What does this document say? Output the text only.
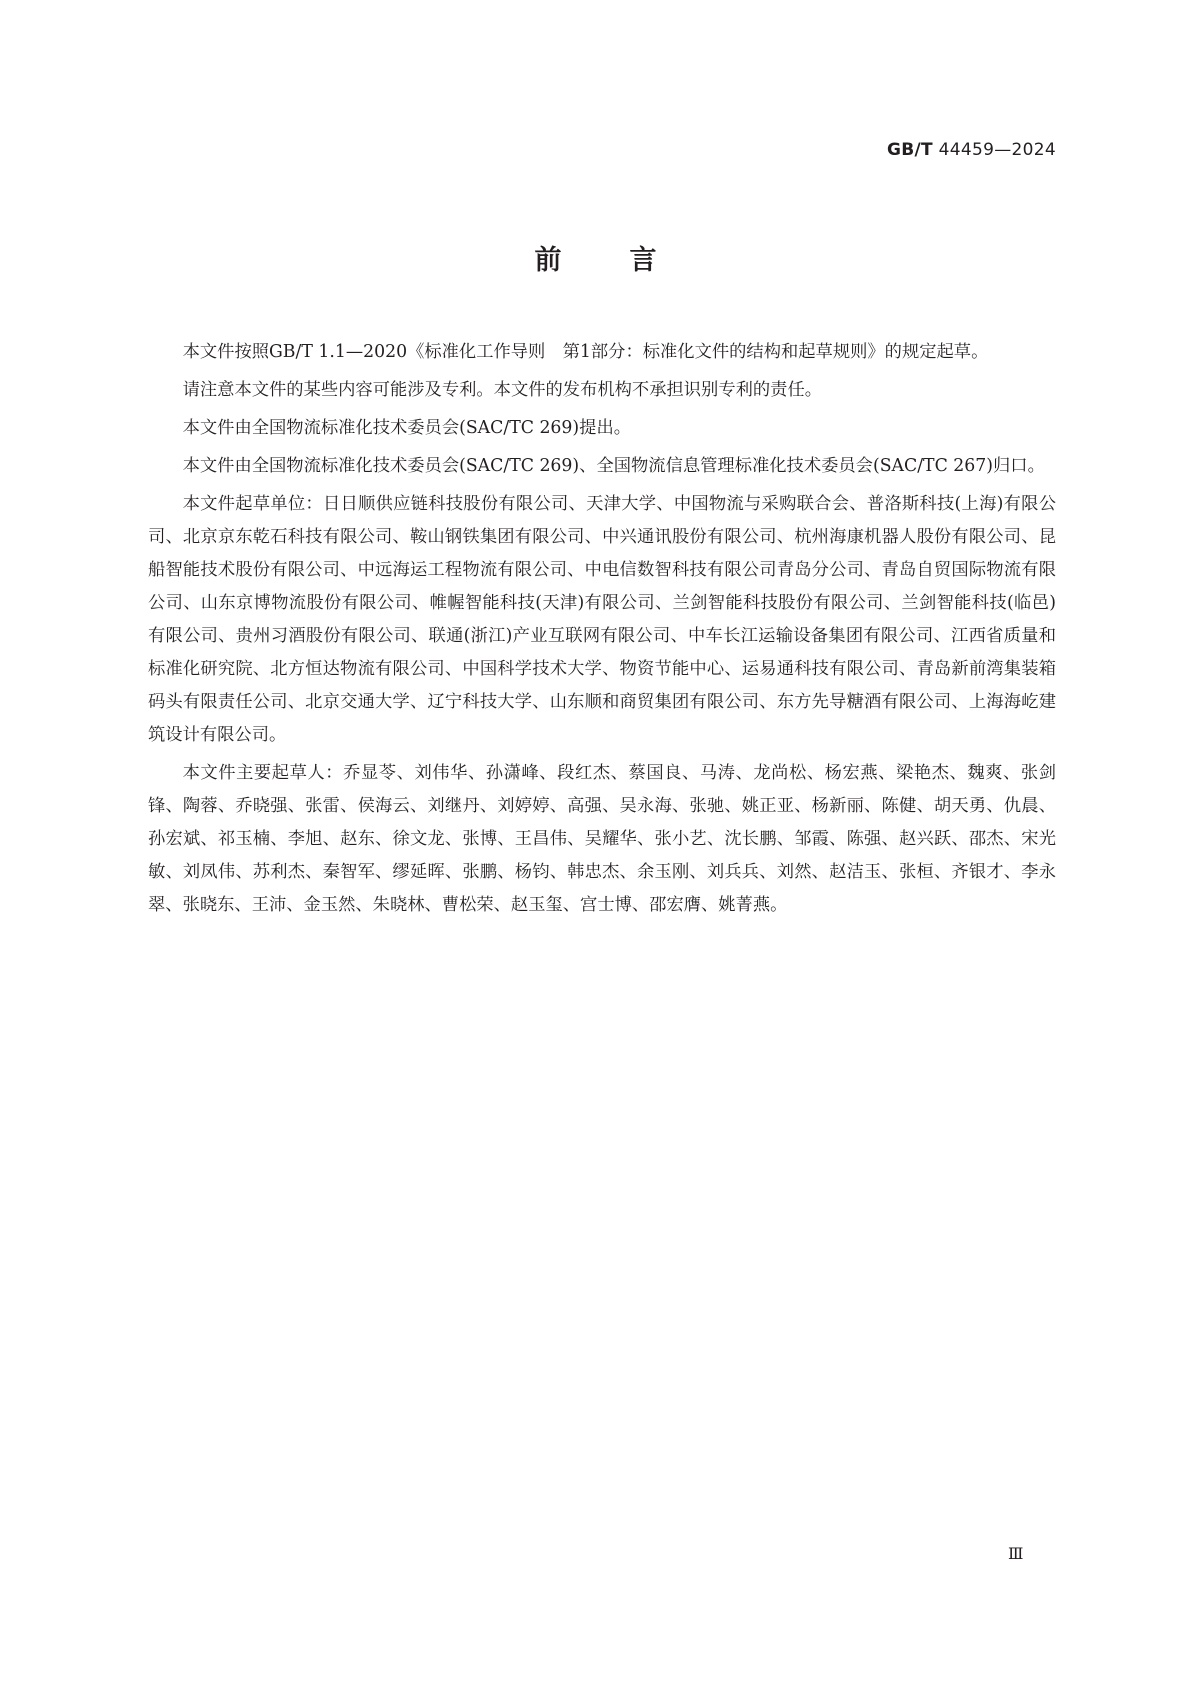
GB/T 44459—2024
前言

本文件按照GB/T 1.1—2020《标准化工作导则　第1部分：标准化文件的结构和起草规则》的规定起草。

请注意本文件的某些内容可能涉及专利。本文件的发布机构不承担识别专利的责任。

本文件由全国物流标准化技术委员会(SAC/TC 269)提出。

本文件由全国物流标准化技术委员会(SAC/TC 269)、全国物流信息管理标准化技术委员会(SAC/TC 267)归口。

本文件起草单位：日日顺供应链科技股份有限公司、天津大学、中国物流与采购联合会、普洛斯科技(上海)有限公司、北京京东乾石科技有限公司、鞍山钢铁集团有限公司、中兴通讯股份有限公司、杭州海康机器人股份有限公司、昆船智能技术股份有限公司、中远海运工程物流有限公司、中电信数智科技有限公司青岛分公司、青岛自贸国际物流有限公司、山东京博物流股份有限公司、帷幄智能科技(天津)有限公司、兰剑智能科技股份有限公司、兰剑智能科技(临邑)有限公司、贵州习酒股份有限公司、联通(浙江)产业互联网有限公司、中车长江运输设备集团有限公司、江西省质量和标准化研究院、北方恒达物流有限公司、中国科学技术大学、物资节能中心、运易通科技有限公司、青岛新前湾集装箱码头有限责任公司、北京交通大学、辽宁科技大学、山东顺和商贸集团有限公司、东方先导糖酒有限公司、上海海屹建筑设计有限公司。

本文件主要起草人：乔显苓、刘伟华、孙潇峰、段红杰、蔡国良、马涛、龙尚松、杨宏燕、梁艳杰、魏爽、张剑锋、陶蓉、乔晓强、张雷、侯海云、刘继丹、刘婷婷、高强、吴永海、张驰、姚正亚、杨新丽、陈健、胡天勇、仇晨、孙宏斌、祁玉楠、李旭、赵东、徐文龙、张博、王昌伟、吴耀华、张小艺、沈长鹏、邹霞、陈强、赵兴跃、邵杰、宋光敏、刘凤伟、苏利杰、秦智军、缪延晖、张鹏、杨钧、韩忠杰、余玉刚、刘兵兵、刘然、赵洁玉、张桓、齐银才、李永翠、张晓东、王沛、金玉然、朱晓林、曹松荣、赵玉玺、宫士博、邵宏膺、姚菁燕。

Ⅲ
